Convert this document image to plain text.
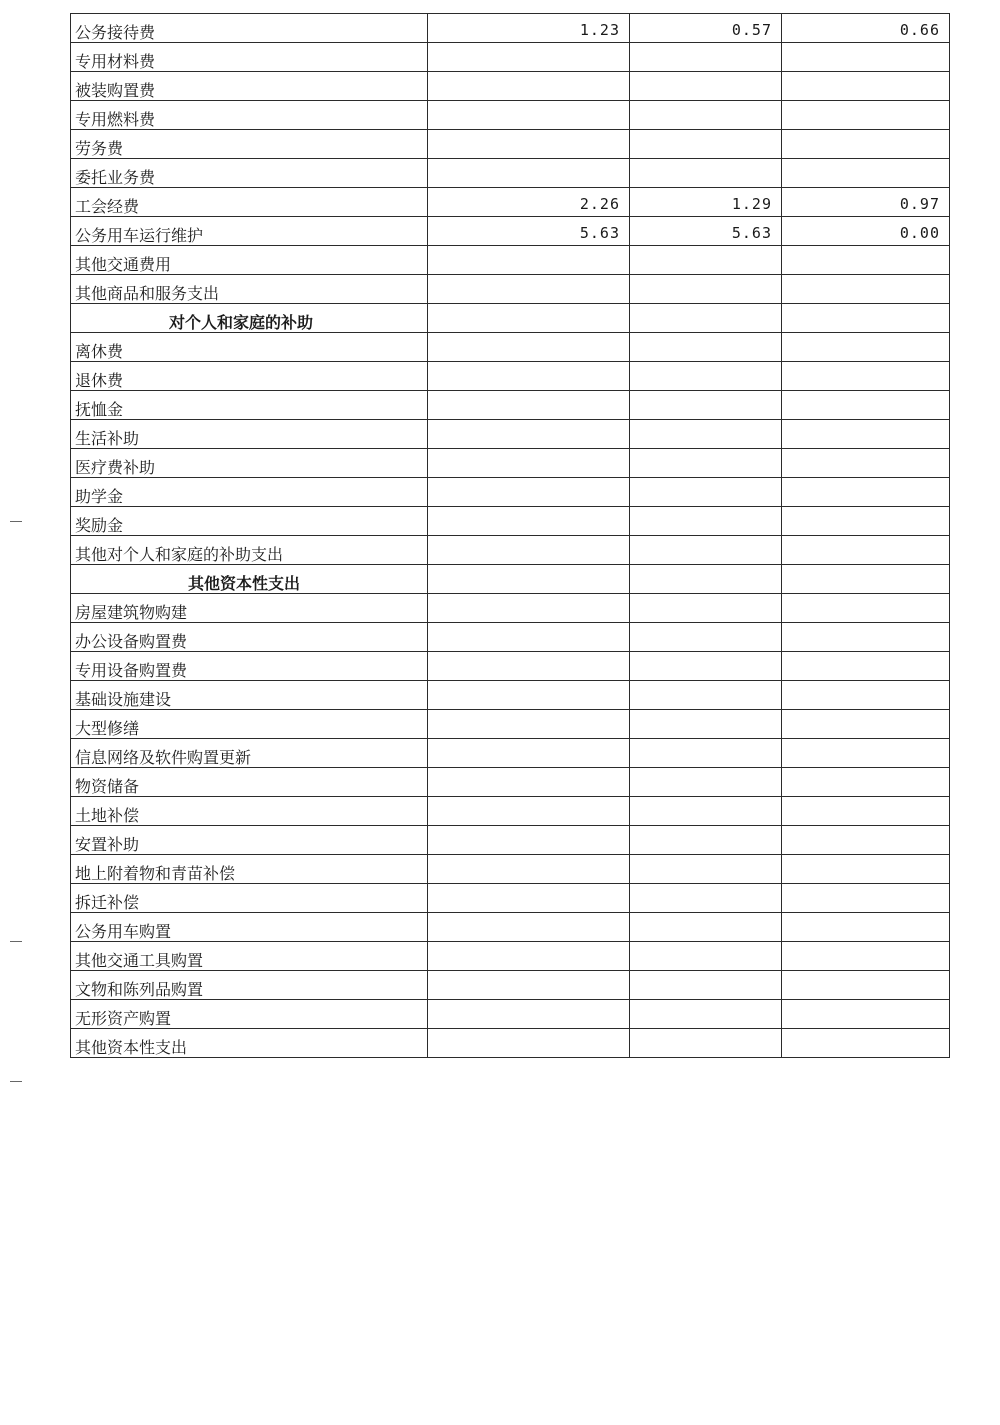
公务接待费	1.23	0.57	0.66
专用材料费			
被装购置费			
专用燃料费			
劳务费			
委托业务费			
工会经费	2.26	1.29	0.97
公务用车运行维护	5.63	5.63	0.00
其他交通费用			
其他商品和服务支出			
对个人和家庭的补助			
离休费			
退休费			
抚恤金			
生活补助			
医疗费补助			
助学金			
奖励金			
其他对个人和家庭的补助支出			
其他资本性支出			
房屋建筑物购建			
办公设备购置费			
专用设备购置费			
基础设施建设			
大型修缮			
信息网络及软件购置更新			
物资储备			
土地补偿			
安置补助			
地上附着物和青苗补偿			
拆迁补偿			
公务用车购置			
其他交通工具购置			
文物和陈列品购置			
无形资产购置			
其他资本性支出			
